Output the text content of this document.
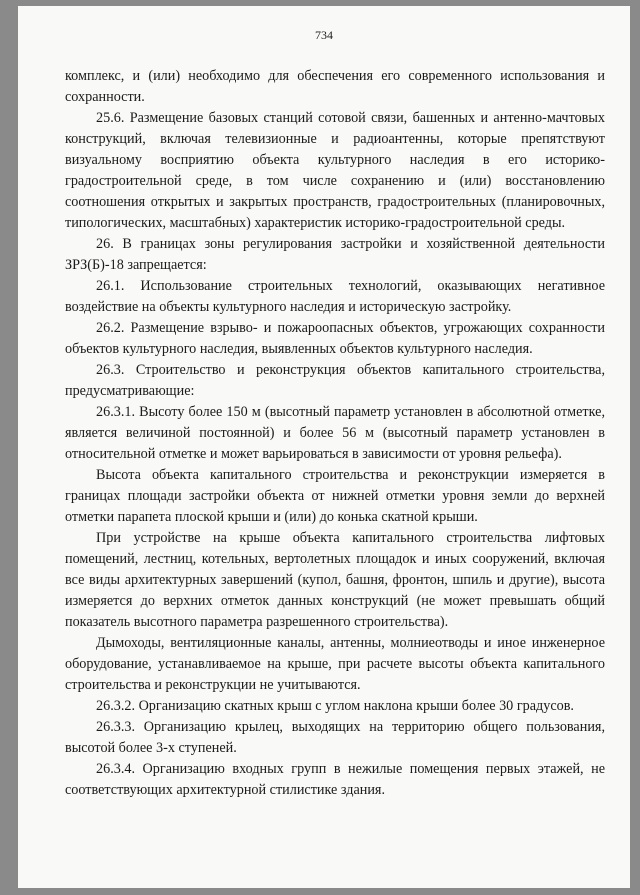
734

комплекс, и (или) необходимо для обеспечения его современного использования и сохранности.

25.6. Размещение базовых станций сотовой связи, башенных и антенно-мачтовых конструкций, включая телевизионные и радиоантенны, которые препятствуют визуальному восприятию объекта культурного наследия в его историко-градостроительной среде, в том числе сохранению и (или) восстановлению соотношения открытых и закрытых пространств, градостроительных (планировочных, типологических, масштабных) характеристик историко-градостроительной среды.

26. В границах зоны регулирования застройки и хозяйственной деятельности ЗРЗ(Б)-18 запрещается:

26.1. Использование строительных технологий, оказывающих негативное воздействие на объекты культурного наследия и историческую застройку.

26.2. Размещение взрыво- и пожароопасных объектов, угрожающих сохранности объектов культурного наследия, выявленных объектов культурного наследия.

26.3. Строительство и реконструкция объектов капитального строительства, предусматривающие:

26.3.1. Высоту более 150 м (высотный параметр установлен в абсолютной отметке, является величиной постоянной) и более 56 м (высотный параметр установлен в относительной отметке и может варьироваться в зависимости от уровня рельефа).

Высота объекта капитального строительства и реконструкции измеряется в границах площади застройки объекта от нижней отметки уровня земли до верхней отметки парапета плоской крыши и (или) до конька скатной крыши.

При устройстве на крыше объекта капитального строительства лифтовых помещений, лестниц, котельных, вертолетных площадок и иных сооружений, включая все виды архитектурных завершений (купол, башня, фронтон, шпиль и другие), высота измеряется до верхних отметок данных конструкций (не может превышать общий показатель высотного параметра разрешенного строительства).

Дымоходы, вентиляционные каналы, антенны, молниеотводы и иное инженерное оборудование, устанавливаемое на крыше, при расчете высоты объекта капитального строительства и реконструкции не учитываются.

26.3.2. Организацию скатных крыш с углом наклона крыши более 30 градусов.

26.3.3. Организацию крылец, выходящих на территорию общего пользования, высотой более 3-х ступеней.

26.3.4. Организацию входных групп в нежилые помещения первых этажей, не соответствующих архитектурной стилистике здания.
